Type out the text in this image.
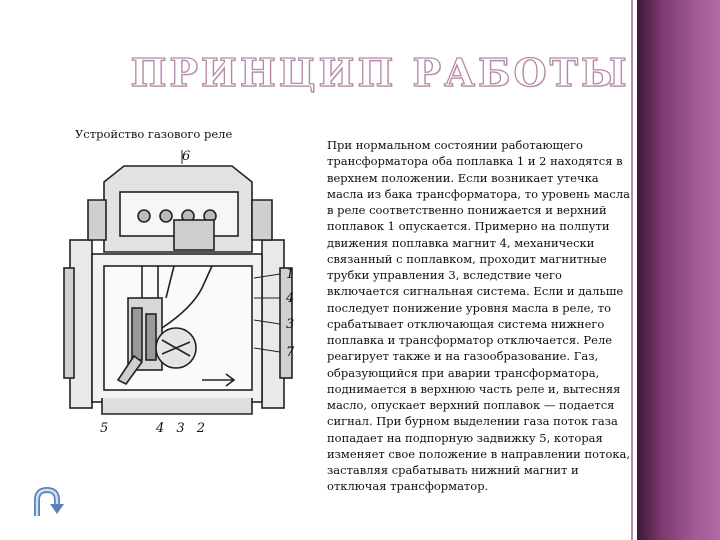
ПРИНЦИП РАБОТЫ
Устройство газового реле
6
1
4
3
7
5	4 3 2
При нормальном состоянии работающего трансформатора оба поплавка 1 и 2 находятся в верхнем положении. Если возникает утечка масла из бака трансформатора, то уровень масла в реле соответственно понижается и верхний поплавок 1 опускается. Примерно на полпути движения поплавка магнит 4, механически связанный с поплавком, проходит магнитные трубки управления 3, вследствие чего включается сигнальная система. Если и дальше последует понижение уровня масла в реле, то срабатывает отключающая система нижнего поплавка и трансформатор отключается. Реле реагирует также и на газообразование. Газ, образующийся при аварии трансформатора, поднимается в верхнюю часть реле и, вытесняя масло, опускает верхний поплавок — подается сигнал. При бурном выделении газа поток газа попадает на подпорную задвижку 5, которая изменяет свое положение в направлении потока, заставляя срабатывать нижний магнит и отключая трансформатор.
